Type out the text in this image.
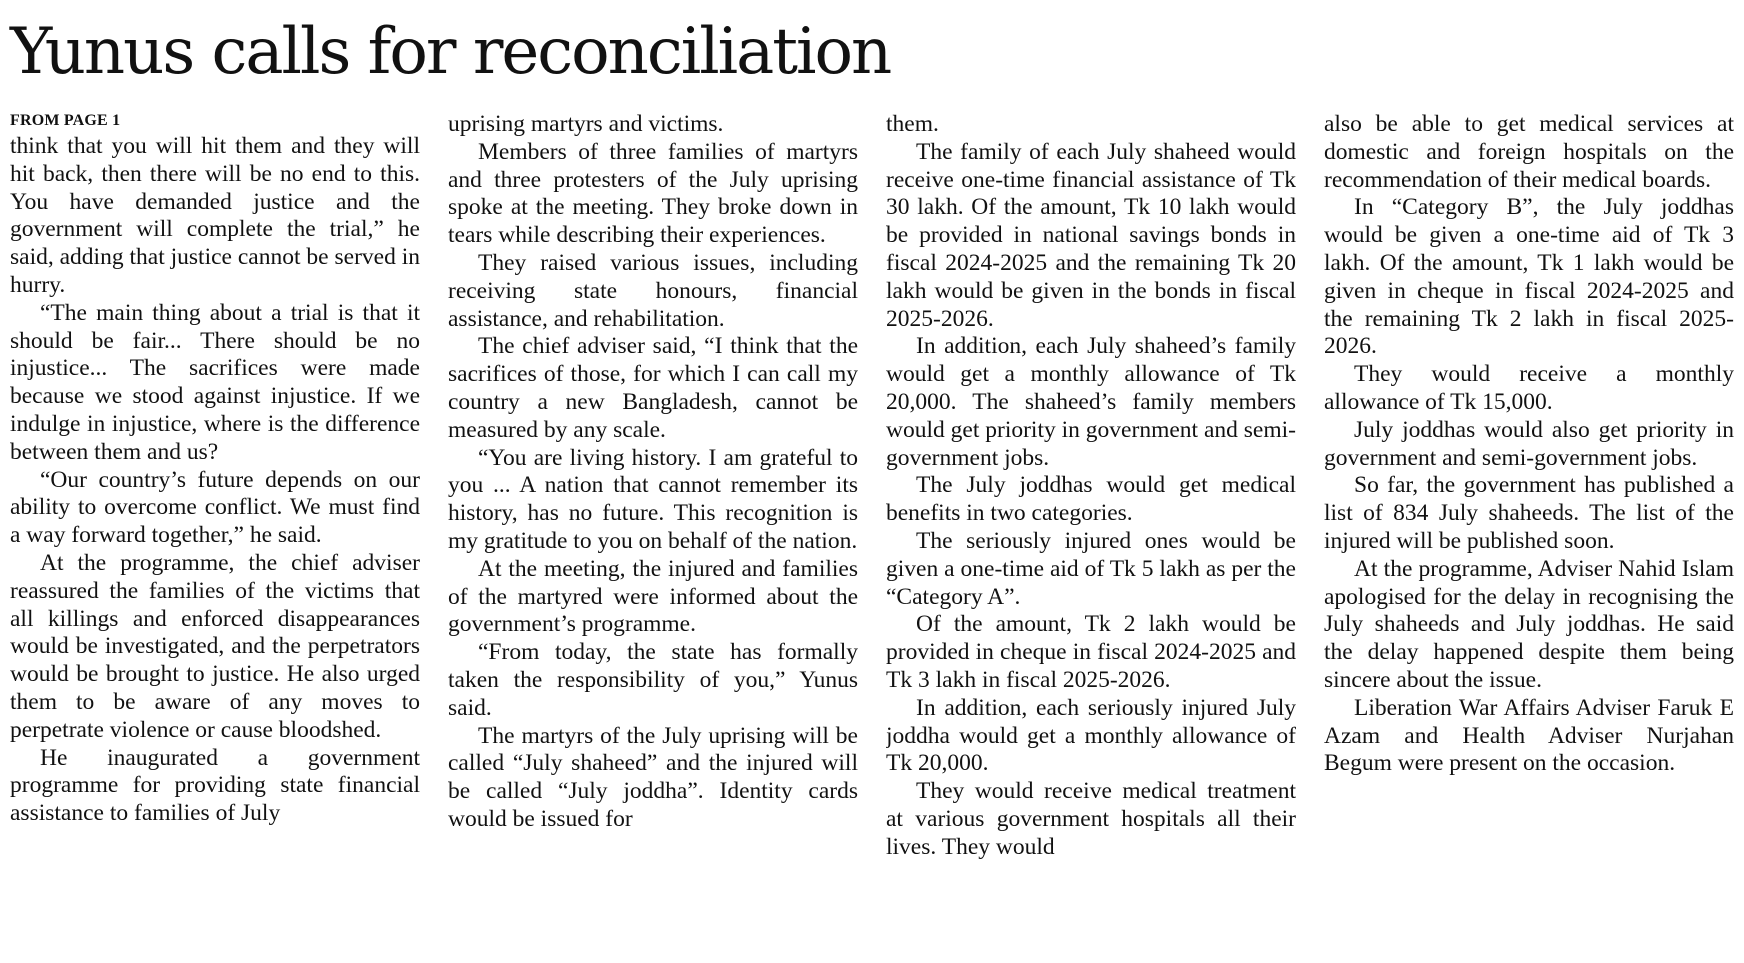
Yunus calls for reconciliation
FROM PAGE 1

think that you will hit them and they will hit back, then there will be no end to this. You have demanded justice and the government will complete the trial,” he said, adding that justice cannot be served in hurry.

“The main thing about a trial is that it should be fair... There should be no injustice... The sacrifices were made because we stood against injustice. If we indulge in injustice, where is the difference between them and us?

“Our country’s future depends on our ability to overcome conflict. We must find a way forward together,” he said.

At the programme, the chief adviser reassured the families of the victims that all killings and enforced disappearances would be investigated, and the perpetrators would be brought to justice. He also urged them to be aware of any moves to perpetrate violence or cause bloodshed.

He inaugurated a government programme for providing state financial assistance to families of July

uprising martyrs and victims.

Members of three families of martyrs and three protesters of the July uprising spoke at the meeting. They broke down in tears while describing their experiences.

They raised various issues, including receiving state honours, financial assistance, and rehabilitation.

The chief adviser said, “I think that the sacrifices of those, for which I can call my country a new Bangladesh, cannot be measured by any scale.

“You are living history. I am grateful to you ... A nation that cannot remember its history, has no future. This recognition is my gratitude to you on behalf of the nation.

At the meeting, the injured and families of the martyred were informed about the government’s programme.

“From today, the state has formally taken the responsibility of you,” Yunus said.

The martyrs of the July uprising will be called “July shaheed” and the injured will be called “July joddha”. Identity cards would be issued for

them.

The family of each July shaheed would receive one-time financial assistance of Tk 30 lakh. Of the amount, Tk 10 lakh would be provided in national savings bonds in fiscal 2024-2025 and the remaining Tk 20 lakh would be given in the bonds in fiscal 2025-2026.

In addition, each July shaheed’s family would get a monthly allowance of Tk 20,000. The shaheed’s family members would get priority in government and semi-government jobs.

The July joddhas would get medical benefits in two categories.

The seriously injured ones would be given a one-time aid of Tk 5 lakh as per the “Category A”.

Of the amount, Tk 2 lakh would be provided in cheque in fiscal 2024-2025 and Tk 3 lakh in fiscal 2025-2026.

In addition, each seriously injured July joddha would get a monthly allowance of Tk 20,000.

They would receive medical treatment at various government hospitals all their lives. They would

also be able to get medical services at domestic and foreign hospitals on the recommendation of their medical boards.

In “Category B”, the July joddhas would be given a one-time aid of Tk 3 lakh. Of the amount, Tk 1 lakh would be given in cheque in fiscal 2024-2025 and the remaining Tk 2 lakh in fiscal 2025-2026.

They would receive a monthly allowance of Tk 15,000.

July joddhas would also get priority in government and semi-government jobs.

So far, the government has published a list of 834 July shaheeds. The list of the injured will be published soon.

At the programme, Adviser Nahid Islam apologised for the delay in recognising the July shaheeds and July joddhas. He said the delay happened despite them being sincere about the issue.

Liberation War Affairs Adviser Faruk E Azam and Health Adviser Nurjahan Begum were present on the occasion.
